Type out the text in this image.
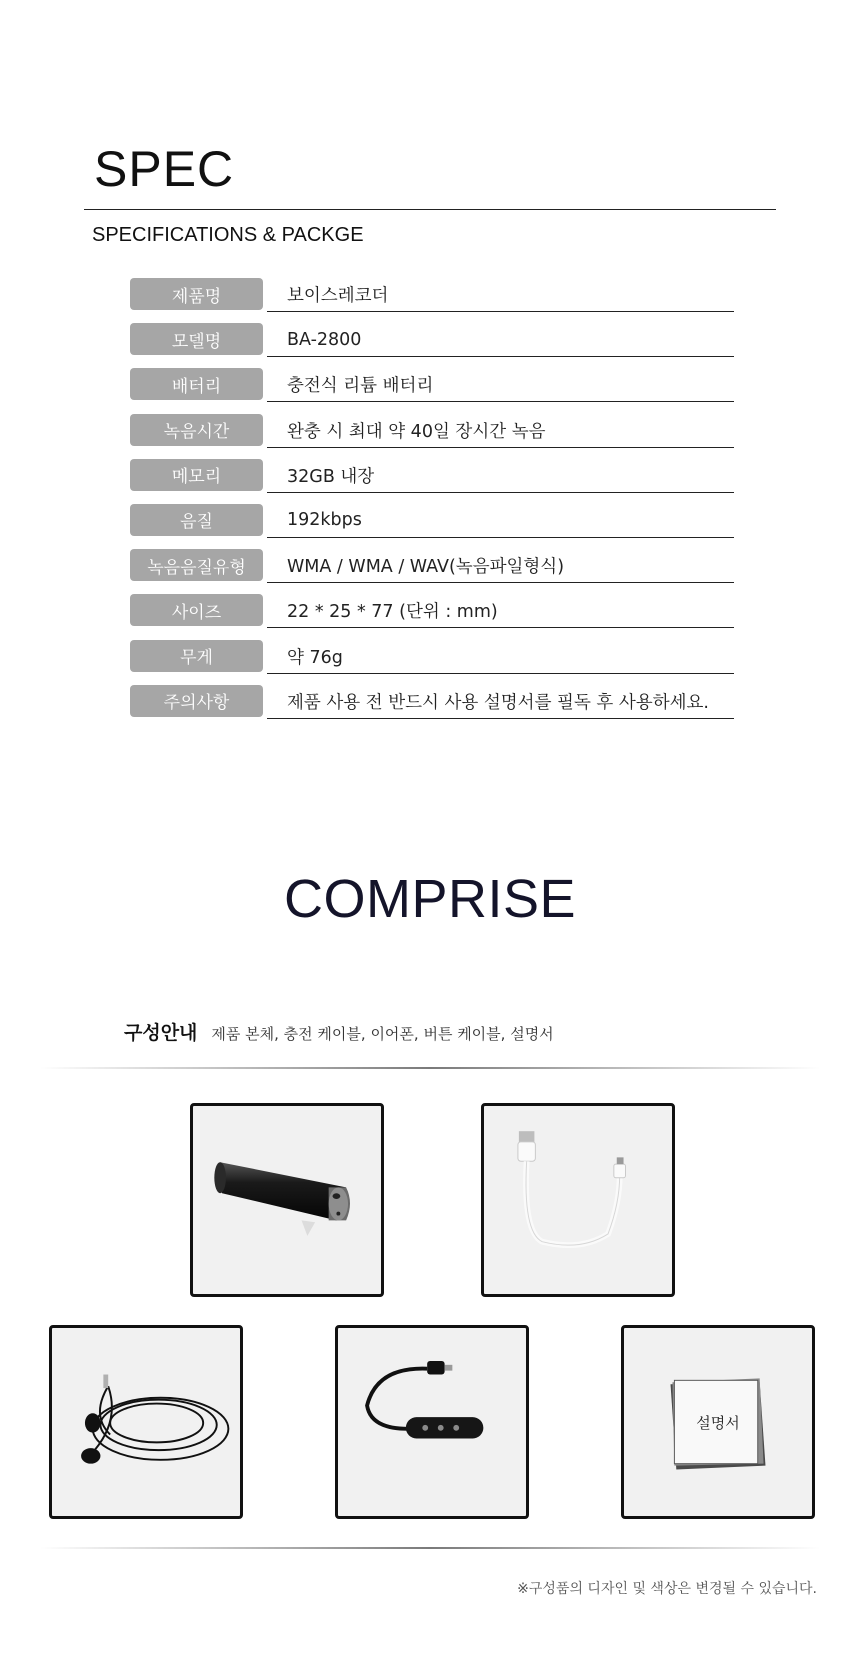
SPEC
SPECIFICATIONS & PACKGE
제품명	보이스레코더
모델명	BA-2800
배터리	충전식 리튬 배터리
녹음시간	완충 시 최대 약 40일 장시간 녹음
메모리	32GB 내장
음질	192kbps
녹음음질유형	WMA / WMA / WAV(녹음파일형식)
사이즈	22 * 25 * 77 (단위 : mm)
무게	약 76g
주의사항	제품 사용 전 반드시 사용 설명서를 필독 후 사용하세요.
COMPRISE
구성안내 제품 본체, 충전 케이블, 이어폰, 버튼 케이블, 설명서
설명서
※구성품의 디자인 및 색상은 변경될 수 있습니다.
